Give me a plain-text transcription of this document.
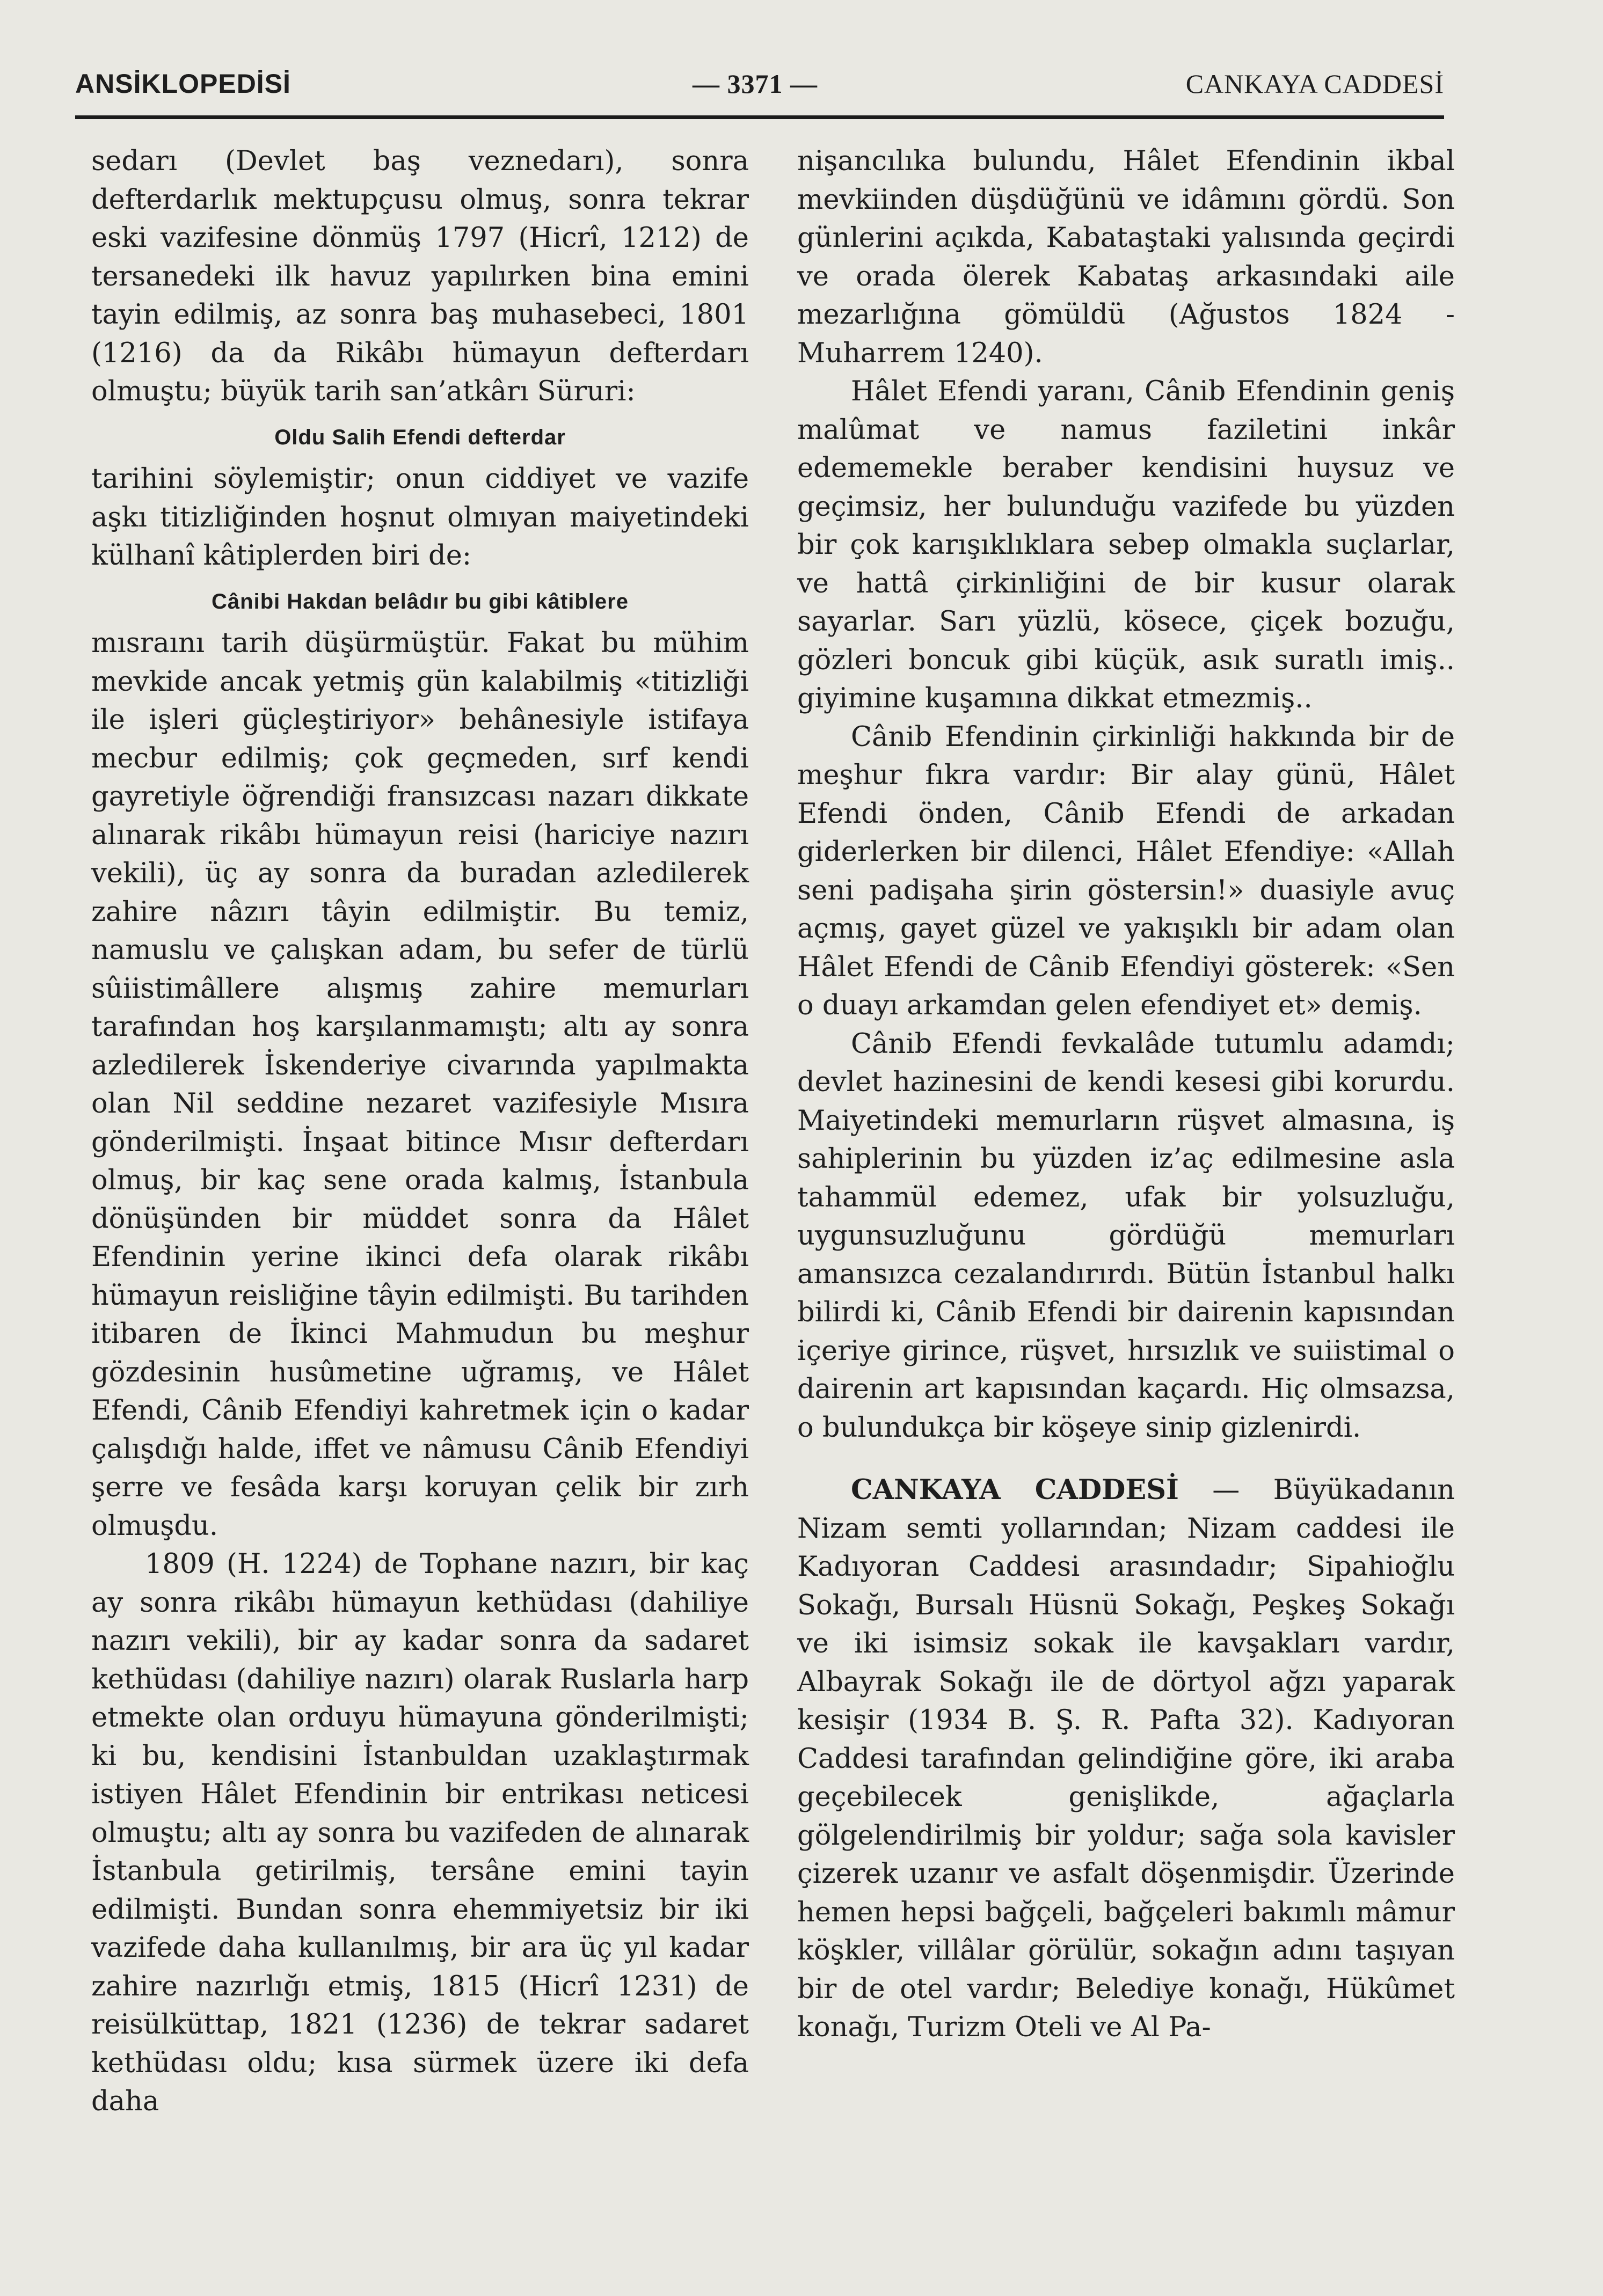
ANSİKLOPEDİSİ	— 3371 —	CANKAYA CADDESİ

sedarı (Devlet baş veznedarı), sonra defterdarlık mektupçusu olmuş, sonra tekrar eski vazifesine dönmüş 1797 (Hicrî, 1212) de tersanedeki ilk havuz yapılırken bina emini tayin edilmiş, az sonra baş muhasebeci, 1801 (1216) da da Rikâbı hümayun defterdarı olmuştu; büyük tarih san’atkârı Süruri:

Oldu Salih Efendi defterdar

tarihini söylemiştir; onun ciddiyet ve vazife aşkı titizliğinden hoşnut olmıyan maiyetindeki külhanî kâtiplerden biri de:

Cânibi Hakdan belâdır bu gibi kâtiblere

mısraını tarih düşürmüştür. Fakat bu mühim mevkide ancak yetmiş gün kalabilmiş «titizliği ile işleri güçleştiriyor» behânesiyle istifaya mecbur edilmiş; çok geçmeden, sırf kendi gayretiyle öğrendiği fransızcası nazarı dikkate alınarak rikâbı hümayun reisi (hariciye nazırı vekili), üç ay sonra da buradan azledilerek zahire nâzırı tâyin edilmiştir. Bu temiz, namuslu ve çalışkan adam, bu sefer de türlü sûiistimâllere alışmış zahire memurları tarafından hoş karşılanmamıştı; altı ay sonra azledilerek İskenderiye civarında yapılmakta olan Nil seddine nezaret vazifesiyle Mısıra gönderilmişti. İnşaat bitince Mısır defterdarı olmuş, bir kaç sene orada kalmış, İstanbula dönüşünden bir müddet sonra da Hâlet Efendinin yerine ikinci defa olarak rikâbı hümayun reisliğine tâyin edilmişti. Bu tarihden itibaren de İkinci Mahmudun bu meşhur gözdesinin husûmetine uğramış, ve Hâlet Efendi, Cânib Efendiyi kahretmek için o kadar çalışdığı halde, iffet ve nâmusu Cânib Efendiyi şerre ve fesâda karşı koruyan çelik bir zırh olmuşdu.

1809 (H. 1224) de Tophane nazırı, bir kaç ay sonra rikâbı hümayun kethüdası (dahiliye nazırı vekili), bir ay kadar sonra da sadaret kethüdası (dahiliye nazırı) olarak Ruslarla harp etmekte olan orduyu hümayuna gönderilmişti; ki bu, kendisini İstanbuldan uzaklaştırmak istiyen Hâlet Efendinin bir entrikası neticesi olmuştu; altı ay sonra bu vazifeden de alınarak İstanbula getirilmiş, tersâne emini tayin edilmişti. Bundan sonra ehemmiyetsiz bir iki vazifede daha kullanılmış, bir ara üç yıl kadar zahire nazırlığı etmiş, 1815 (Hicrî 1231) de reisülküttap, 1821 (1236) de tekrar sadaret kethüdası oldu; kısa sürmek üzere iki defa daha

nişancılıka bulundu, Hâlet Efendinin ikbal mevkiinden düşdüğünü ve idâmını gördü. Son günlerini açıkda, Kabataştaki yalısında geçirdi ve orada ölerek Kabataş arkasındaki aile mezarlığına gömüldü (Ağustos 1824 - Muharrem 1240).

Hâlet Efendi yaranı, Cânib Efendinin geniş malûmat ve namus faziletini inkâr edememekle beraber kendisini huysuz ve geçimsiz, her bulunduğu vazifede bu yüzden bir çok karışıklıklara sebep olmakla suçlarlar, ve hattâ çirkinliğini de bir kusur olarak sayarlar. Sarı yüzlü, kösece, çiçek bozuğu, gözleri boncuk gibi küçük, asık suratlı imiş.. giyimine kuşamına dikkat etmezmiş..

Cânib Efendinin çirkinliği hakkında bir de meşhur fıkra vardır: Bir alay günü, Hâlet Efendi önden, Cânib Efendi de arkadan giderlerken bir dilenci, Hâlet Efendiye: «Allah seni padişaha şirin göstersin!» duasiyle avuç açmış, gayet güzel ve yakışıklı bir adam olan Hâlet Efendi de Cânib Efendiyi gösterek: «Sen o duayı arkamdan gelen efendiyet et» demiş.

Cânib Efendi fevkalâde tutumlu adamdı; devlet hazinesini de kendi kesesi gibi korurdu. Maiyetindeki memurların rüşvet almasına, iş sahiplerinin bu yüzden iz’aç edilmesine asla tahammül edemez, ufak bir yolsuzluğu, uygunsuzluğunu gördüğü memurları amansızca cezalandırırdı. Bütün İstanbul halkı bilirdi ki, Cânib Efendi bir dairenin kapısından içeriye girince, rüşvet, hırsızlık ve suiistimal o dairenin art kapısından kaçardı. Hiç olmsazsa, o bulundukça bir köşeye sinip gizlenirdi.

CANKAYA CADDESİ — Büyükadanın Nizam semti yollarından; Nizam caddesi ile Kadıyoran Caddesi arasındadır; Sipahioğlu Sokağı, Bursalı Hüsnü Sokağı, Peşkeş Sokağı ve iki isimsiz sokak ile kavşakları vardır, Albayrak Sokağı ile de dörtyol ağzı yaparak kesişir (1934 B. Ş. R. Pafta 32). Kadıyoran Caddesi tarafından gelindiğine göre, iki araba geçebilecek genişlikde, ağaçlarla gölgelendirilmiş bir yoldur; sağa sola kavisler çizerek uzanır ve asfalt döşenmişdir. Üzerinde hemen hepsi bağçeli, bağçeleri bakımlı mâmur köşkler, villâlar görülür, sokağın adını taşıyan bir de otel vardır; Belediye konağı, Hükûmet konağı, Turizm Oteli ve Al Pa-
